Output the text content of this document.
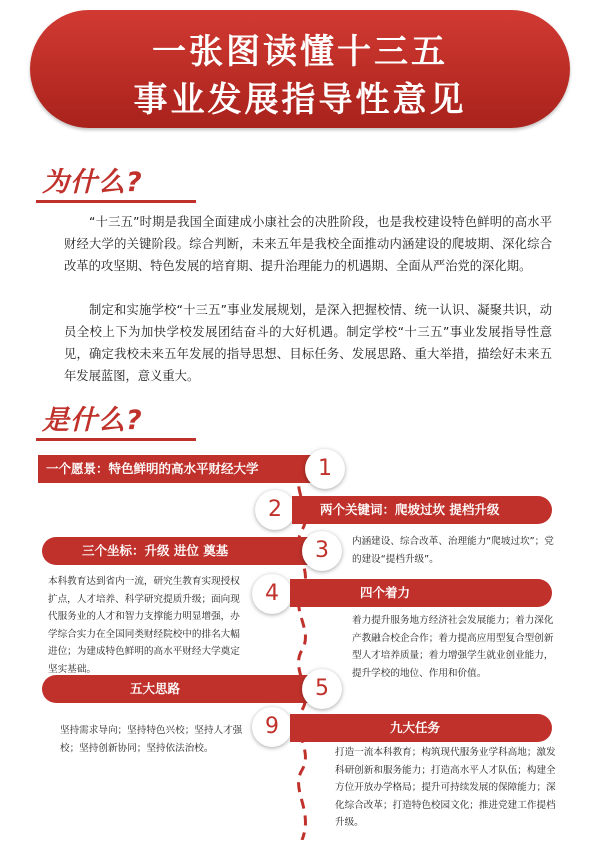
一张图读懂十三五
事业发展指导性意见
为什么?
“十三五”时期是我国全面建成小康社会的决胜阶段，也是我校建设特色鲜明的高水平财经大学的关键阶段。综合判断，未来五年是我校全面推动内涵建设的爬坡期、深化综合改革的攻坚期、特色发展的培育期、提升治理能力的机遇期、全面从严治党的深化期。
制定和实施学校“十三五”事业发展规划，是深入把握校情、统一认识、凝聚共识，动员全校上下为加快学校发展团结奋斗的大好机遇。制定学校“十三五”事业发展指导性意见，确定我校未来五年发展的指导思想、目标任务、发展思路、重大举措，描绘好未来五年发展蓝图，意义重大。
是什么?
一个愿景：特色鲜明的高水平财经大学	1
2	两个关键词：爬坡过坎 提档升级
三个坐标：升级 进位 奠基	3	内涵建设、综合改革、治理能力“爬坡过坎”；党的建设“提档升级”。
本科教育达到省内一流，研究生教育实现授权扩点，人才培养、科学研究提质升级；面向现代服务业的人才和智力支撑能力明显增强，办学综合实力在全国同类财经院校中的排名大幅进位；为建成特色鲜明的高水平财经大学奠定坚实基础。
4	四个着力
着力提升服务地方经济社会发展能力；着力深化产教融合校企合作；着力提高应用型复合型创新型人才培养质量；着力增强学生就业创业能力，提升学校的地位、作用和价值。
五大思路	5
坚持需求导向；坚持特色兴校；坚持人才强校；坚持创新协同；坚持依法治校。
9	九大任务
打造一流本科教育；构筑现代服务业学科高地；激发科研创新和服务能力；打造高水平人才队伍；构建全方位开放办学格局；提升可持续发展的保障能力；深化综合改革；打造特色校园文化；推进党建工作提档升级。
